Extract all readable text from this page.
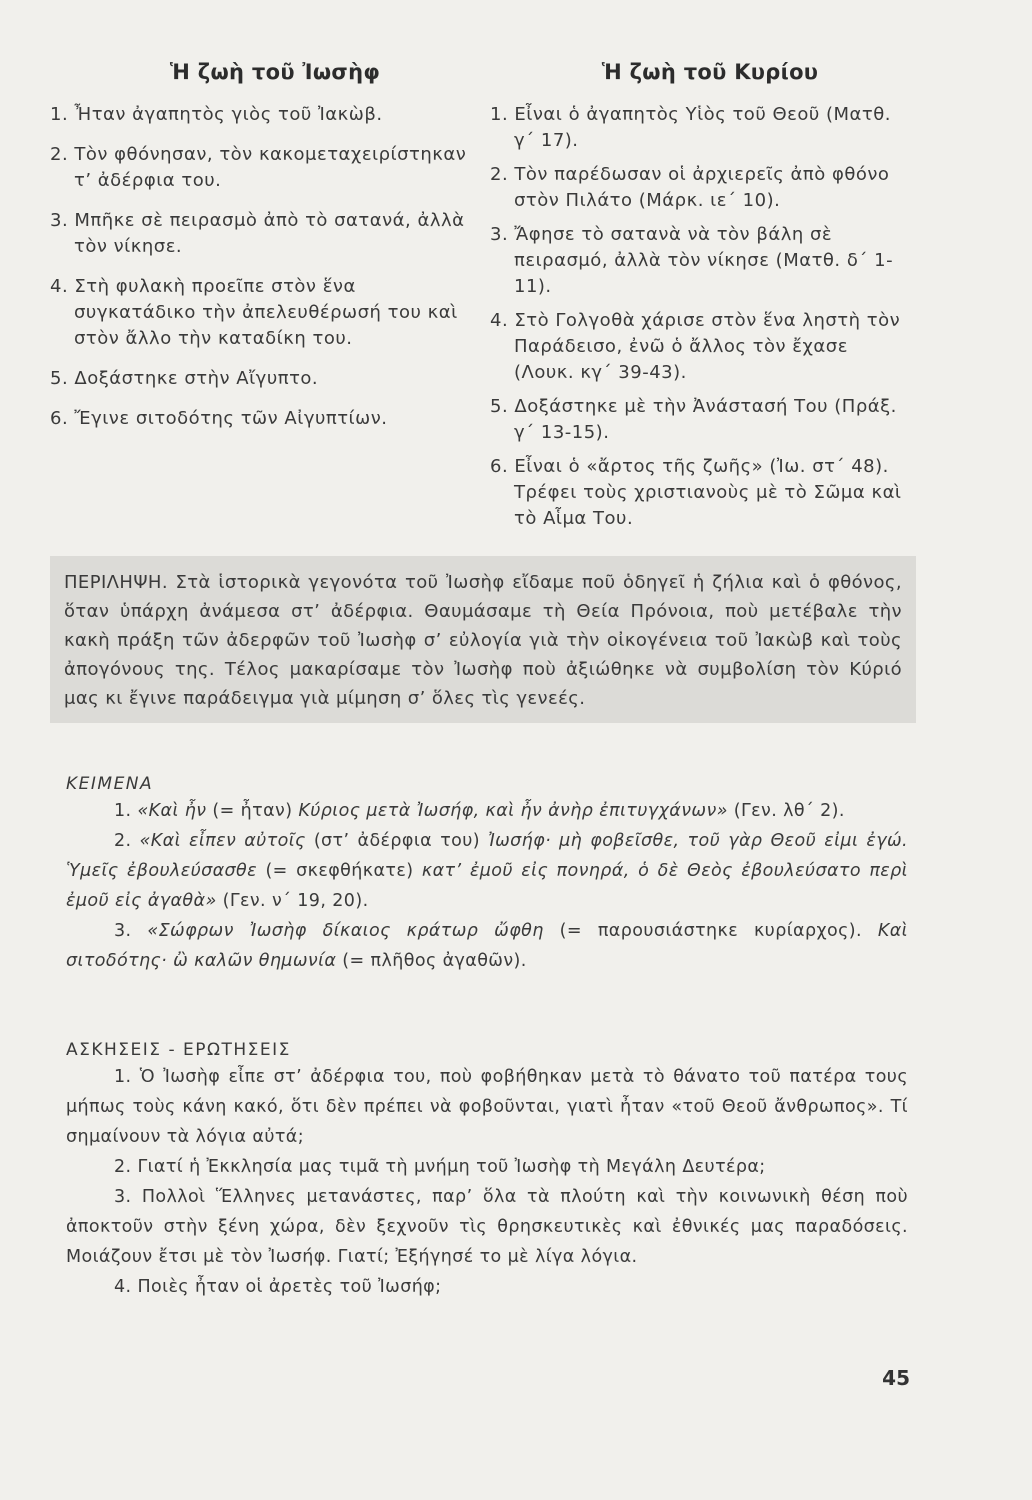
Ἡ ζωὴ τοῦ Ἰωσὴφ
1. Ἦταν ἀγαπητὸς γιὸς τοῦ Ἰακὼβ.
2. Τὸν φθόνησαν, τὸν κακομεταχειρίστηκαν τ’ ἀδέρφια του.
3. Μπῆκε σὲ πειρασμὸ ἀπὸ τὸ σατανά, ἀλλὰ τὸν νίκησε.
4. Στὴ φυλακὴ προεῖπε στὸν ἕνα συγκατάδικο τὴν ἀπελευθέρωσή του καὶ στὸν ἄλλο τὴν καταδίκη του.
5. Δοξάστηκε στὴν Αἴγυπτο.
6. Ἔγινε σιτοδότης τῶν Αἰγυπτίων.
Ἡ ζωὴ τοῦ Κυρίου
1. Εἶναι ὁ ἀγαπητὸς Υἱὸς τοῦ Θεοῦ (Ματθ. γ΄ 17).
2. Τὸν παρέδωσαν οἱ ἀρχιερεῖς ἀπὸ φθόνο στὸν Πιλάτο (Μάρκ. ιε΄ 10).
3. Ἄφησε τὸ σατανὰ νὰ τὸν βάλη σὲ πειρασμό, ἀλλὰ τὸν νίκησε (Ματθ. δ΄ 1-11).
4. Στὸ Γολγοθὰ χάρισε στὸν ἕνα ληστὴ τὸν Παράδεισο, ἐνῶ ὁ ἄλλος τὸν ἔχασε (Λουκ. κγ΄ 39-43).
5. Δοξάστηκε μὲ τὴν Ἀνάστασή Του (Πράξ. γ΄ 13-15).
6. Εἶναι ὁ «ἄρτος τῆς ζωῆς» (Ἰω. στ΄ 48). Τρέφει τοὺς χριστιανοὺς μὲ τὸ Σῶμα καὶ τὸ Αἷμα Του.
ΠΕΡΙΛΗΨΗ. Στὰ ἱστορικὰ γεγονότα τοῦ Ἰωσὴφ εἴδαμε ποῦ ὁδηγεῖ ἡ ζήλια καὶ ὁ φθόνος, ὅταν ὑπάρχη ἀνάμεσα στ’ ἀδέρφια. Θαυμάσαμε τὴ Θεία Πρόνοια, ποὺ μετέβαλε τὴν κακὴ πράξη τῶν ἀδερφῶν τοῦ Ἰωσὴφ σ’ εὐλογία γιὰ τὴν οἰκογένεια τοῦ Ἰακὼβ καὶ τοὺς ἀπογόνους της. Τέλος μακαρίσαμε τὸν Ἰωσὴφ ποὺ ἀξιώθηκε νὰ συμβολίση τὸν Κύριό μας κι ἔγινε παράδειγμα γιὰ μίμηση σ’ ὅλες τὶς γενεές.
ΚΕΙΜΕΝΑ

1. «Καὶ ἦν (= ἦταν) Κύριος μετὰ Ἰωσήφ, καὶ ἦν ἀνὴρ ἐπιτυγχάνων» (Γεν. λθ΄ 2).

2. «Καὶ εἶπεν αὐτοῖς (στ’ ἀδέρφια του) Ἰωσήφ· μὴ φοβεῖσθε, τοῦ γὰρ Θεοῦ εἰμι ἐγώ. Ὑμεῖς ἐβουλεύσασθε (= σκεφθήκατε) κατ’ ἐμοῦ εἰς πονηρά, ὁ δὲ Θεὸς ἐβουλεύσατο περὶ ἐμοῦ εἰς ἀγαθὰ» (Γεν. ν΄ 19, 20).

3. «Σώφρων Ἰωσὴφ δίκαιος κράτωρ ὤφθη (= παρουσιάστηκε κυρίαρχος). Καὶ σιτοδότης· ὢ καλῶν θημωνία (= πλῆθος ἀγαθῶν).

ΑΣΚΗΣΕΙΣ - ΕΡΩΤΗΣΕΙΣ

1. Ὁ Ἰωσὴφ εἶπε στ’ ἀδέρφια του, ποὺ φοβήθηκαν μετὰ τὸ θάνατο τοῦ πατέρα τους μήπως τοὺς κάνη κακό, ὅτι δὲν πρέπει νὰ φοβοῦνται, γιατὶ ἦταν «τοῦ Θεοῦ ἄνθρωπος». Τί σημαίνουν τὰ λόγια αὐτά;

2. Γιατί ἡ Ἐκκλησία μας τιμᾶ τὴ μνήμη τοῦ Ἰωσὴφ τὴ Μεγάλη Δευτέρα;

3. Πολλοὶ Ἕλληνες μετανάστες, παρ’ ὅλα τὰ πλούτη καὶ τὴν κοινωνικὴ θέση ποὺ ἀποκτοῦν στὴν ξένη χώρα, δὲν ξεχνοῦν τὶς θρησκευτικὲς καὶ ἐθνικές μας παραδόσεις. Μοιάζουν ἔτσι μὲ τὸν Ἰωσήφ. Γιατί; Ἐξήγησέ το μὲ λίγα λόγια.

4. Ποιὲς ἦταν οἱ ἀρετὲς τοῦ Ἰωσήφ;

45
